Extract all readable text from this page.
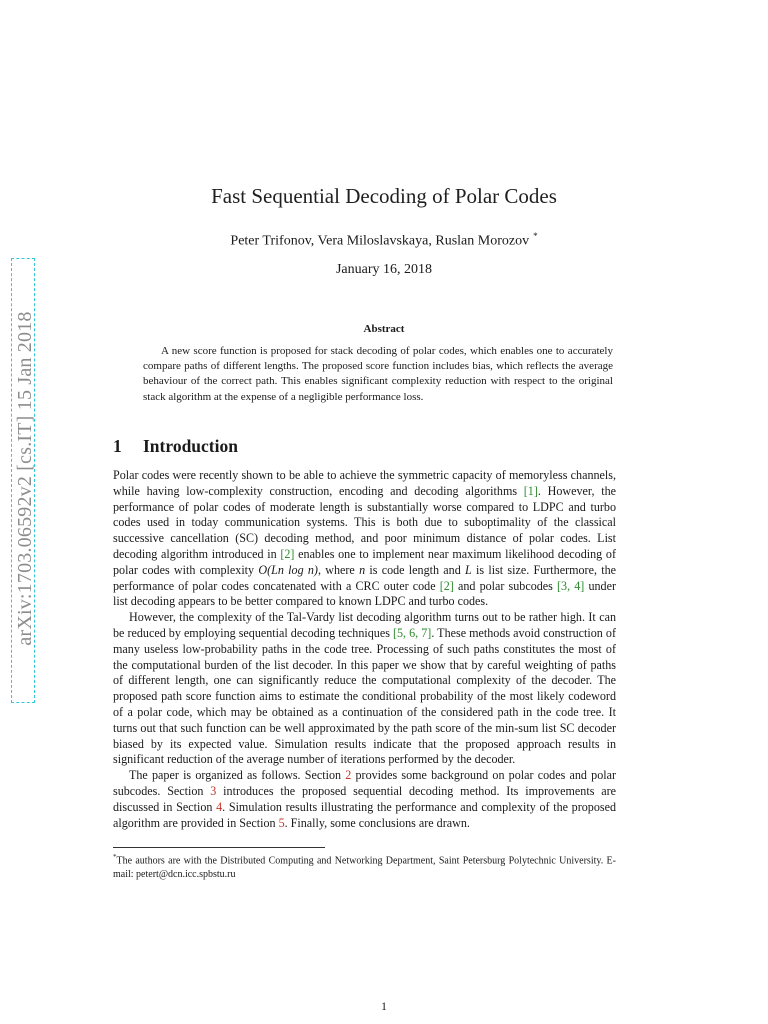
arXiv:1703.06592v2 [cs.IT] 15 Jan 2018
Fast Sequential Decoding of Polar Codes
Peter Trifonov, Vera Miloslavskaya, Ruslan Morozov *
January 16, 2018
Abstract

A new score function is proposed for stack decoding of polar codes, which enables one to accurately compare paths of different lengths. The proposed score function includes bias, which reflects the average behaviour of the correct path. This enables significant complexity reduction with respect to the original stack algorithm at the expense of a negligible performance loss.

1 Introduction

Polar codes were recently shown to be able to achieve the symmetric capacity of memoryless channels, while having low-complexity construction, encoding and decoding algorithms [1]. However, the performance of polar codes of moderate length is substantially worse compared to LDPC and turbo codes used in today communication systems. This is both due to suboptimality of the classical successive cancellation (SC) decoding method, and poor minimum distance of polar codes. List decoding algorithm introduced in [2] enables one to implement near maximum likelihood decoding of polar codes with complexity O(Ln log n), where n is code length and L is list size. Furthermore, the performance of polar codes concatenated with a CRC outer code [2] and polar subcodes [3, 4] under list decoding appears to be better compared to known LDPC and turbo codes.

However, the complexity of the Tal-Vardy list decoding algorithm turns out to be rather high. It can be reduced by employing sequential decoding techniques [5, 6, 7]. These methods avoid construction of many useless low-probability paths in the code tree. Processing of such paths constitutes the most of the computational burden of the list decoder. In this paper we show that by careful weighting of paths of different length, one can significantly reduce the computational complexity of the decoder. The proposed path score function aims to estimate the conditional probability of the most likely codeword of a polar code, which may be obtained as a continuation of the considered path in the code tree. It turns out that such function can be well approximated by the path score of the min-sum list SC decoder biased by its expected value. Simulation results indicate that the proposed approach results in significant reduction of the average number of iterations performed by the decoder.

The paper is organized as follows. Section 2 provides some background on polar codes and polar subcodes. Section 3 introduces the proposed sequential decoding method. Its improvements are discussed in Section 4. Simulation results illustrating the performance and complexity of the proposed algorithm are provided in Section 5. Finally, some conclusions are drawn.

*The authors are with the Distributed Computing and Networking Department, Saint Petersburg Polytechnic University. E-mail: petert@dcn.icc.spbstu.ru

1
